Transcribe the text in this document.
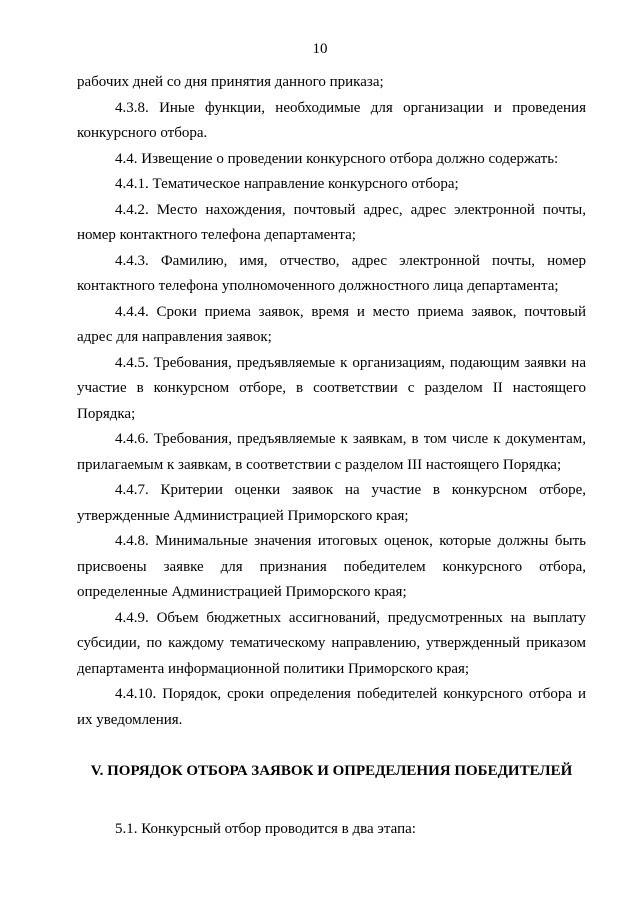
10

рабочих дней со дня принятия данного приказа;

4.3.8. Иные функции, необходимые для организации и проведения конкурсного отбора.

4.4. Извещение о проведении конкурсного отбора должно содержать:

4.4.1. Тематическое направление конкурсного отбора;

4.4.2. Место нахождения, почтовый адрес, адрес электронной почты, номер контактного телефона департамента;

4.4.3. Фамилию, имя, отчество, адрес электронной почты, номер контактного телефона уполномоченного должностного лица департамента;

4.4.4. Сроки приема заявок, время и место приема заявок, почтовый адрес для направления заявок;

4.4.5. Требования, предъявляемые к организациям, подающим заявки на участие в конкурсном отборе, в соответствии с разделом II настоящего Порядка;

4.4.6. Требования, предъявляемые к заявкам, в том числе к документам, прилагаемым к заявкам, в соответствии с разделом III настоящего Порядка;

4.4.7. Критерии оценки заявок на участие в конкурсном отборе, утвержденные Администрацией Приморского края;

4.4.8. Минимальные значения итоговых оценок, которые должны быть присвоены заявке для признания победителем конкурсного отбора, определенные Администрацией Приморского края;

4.4.9. Объем бюджетных ассигнований, предусмотренных на выплату субсидии, по каждому тематическому направлению, утвержденный приказом департамента информационной политики Приморского края;

4.4.10. Порядок, сроки определения победителей конкурсного отбора и их уведомления.

V. ПОРЯДОК ОТБОРА ЗАЯВОК И ОПРЕДЕЛЕНИЯ ПОБЕДИТЕЛЕЙ
5.1. Конкурсный отбор проводится в два этапа:
